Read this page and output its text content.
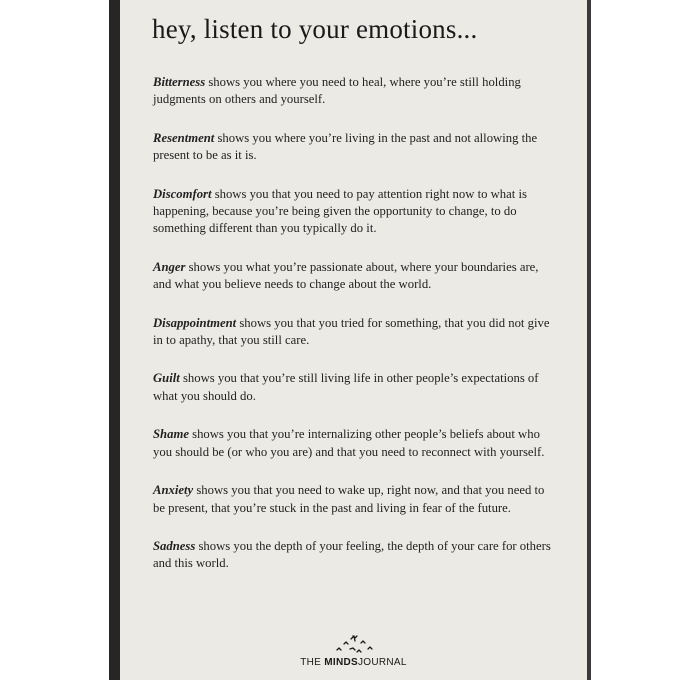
hey, listen to your emotions...

Bitterness shows you where you need to heal, where you’re still holding judgments on others and yourself.

Resentment shows you where you’re living in the past and not allowing the present to be as it is.

Discomfort shows you that you need to pay attention right now to what is happening, because you’re being given the opportunity to change, to do something different than you typically do it.

Anger shows you what you’re passionate about, where your boundaries are, and what you believe needs to change about the world.

Disappointment shows you that you tried for something, that you did not give in to apathy, that you still care.

Guilt shows you that you’re still living life in other people’s expectations of what you should do.

Shame shows you that you’re internalizing other people’s beliefs about who you should be (or who you are) and that you need to reconnect with yourself.

Anxiety shows you that you need to wake up, right now, and that you need to be present, that you’re stuck in the past and living in fear of the future.

Sadness shows you the depth of your feeling, the depth of your care for others and this world.

THE MINDSJOURNAL
